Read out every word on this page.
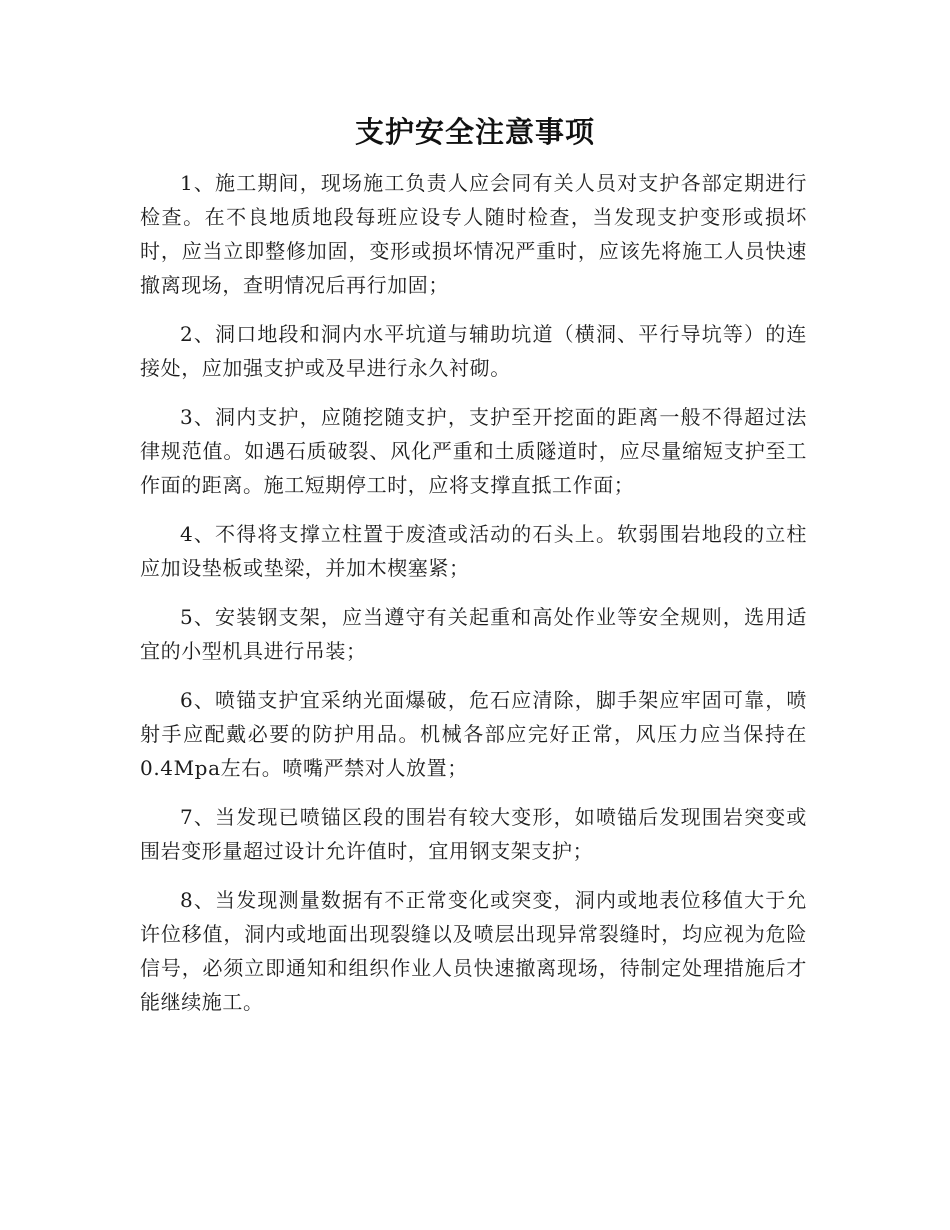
支护安全注意事项

1、施工期间，现场施工负责人应会同有关人员对支护各部定期进行检查。在不良地质地段每班应设专人随时检查，当发现支护变形或损坏时，应当立即整修加固，变形或损坏情况严重时，应该先将施工人员快速撤离现场，查明情况后再行加固；

2、洞口地段和洞内水平坑道与辅助坑道（横洞、平行导坑等）的连接处，应加强支护或及早进行永久衬砌。

3、洞内支护，应随挖随支护，支护至开挖面的距离一般不得超过法律规范值。如遇石质破裂、风化严重和土质隧道时，应尽量缩短支护至工作面的距离。施工短期停工时，应将支撑直抵工作面；

4、不得将支撑立柱置于废渣或活动的石头上。软弱围岩地段的立柱应加设垫板或垫梁，并加木楔塞紧；

5、安装钢支架，应当遵守有关起重和高处作业等安全规则，选用适宜的小型机具进行吊装；

6、喷锚支护宜采纳光面爆破，危石应清除，脚手架应牢固可靠，喷射手应配戴必要的防护用品。机械各部应完好正常，风压力应当保持在0.4Mpa左右。喷嘴严禁对人放置；

7、当发现已喷锚区段的围岩有较大变形，如喷锚后发现围岩突变或围岩变形量超过设计允许值时，宜用钢支架支护；

8、当发现测量数据有不正常变化或突变，洞内或地表位移值大于允许位移值，洞内或地面出现裂缝以及喷层出现异常裂缝时，均应视为危险信号，必须立即通知和组织作业人员快速撤离现场，待制定处理措施后才能继续施工。
